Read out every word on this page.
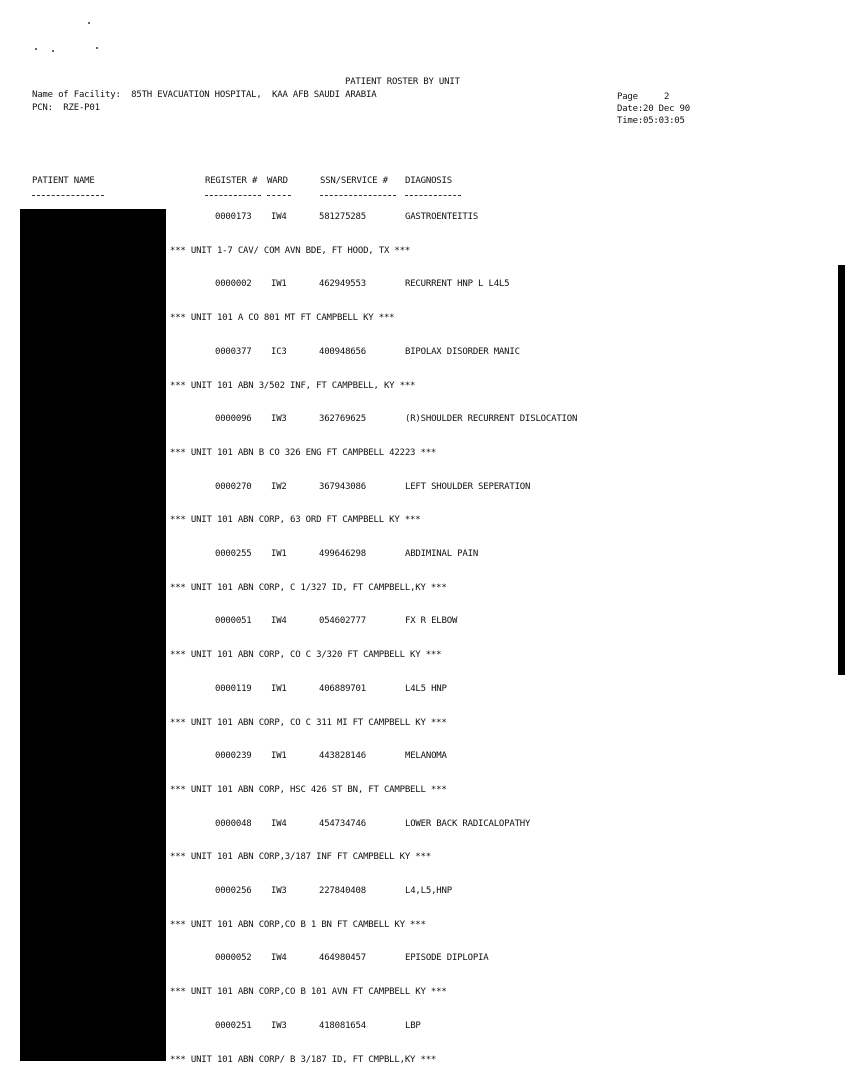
PATIENT ROSTER BY UNIT
Name of Facility:  85TH EVACUATION HOSPITAL,  KAA AFB SAUDI ARABIA
PCN:  RZE-P01
Page	2
Date: 20 Dec 90
Time: 05:03:05
PATIENT NAME	REGISTER # WARD	SSN/SERVICE # DIAGNOSIS
0000173 IW4	581275285	GASTROENTEITIS
*** UNIT 1-7 CAV/ COM AVN BDE, FT HOOD, TX ***
0000002 IW1	462949553	RECURRENT HNP L L4L5
*** UNIT 101 A CO 801 MT FT CAMPBELL KY ***
0000377 IC3	400948656	BIPOLAX DISORDER MANIC
*** UNIT 101 ABN 3/502 INF, FT CAMPBELL, KY ***
0000096 IW3	362769625	(R)SHOULDER RECURRENT DISLOCATION
*** UNIT 101 ABN B CO 326 ENG FT CAMPBELL 42223 ***
0000270 IW2	367943086	LEFT SHOULDER SEPERATION
*** UNIT 101 ABN CORP, 63 ORD FT CAMPBELL KY ***
0000255 IW1	499646298	ABDIMINAL PAIN
*** UNIT 101 ABN CORP, C 1/327 ID, FT CAMPBELL,KY ***
0000051 IW4	054602777	FX R ELBOW
*** UNIT 101 ABN CORP, CO C 3/320 FT CAMPBELL KY ***
0000119 IW1	406889701	L4L5 HNP
*** UNIT 101 ABN CORP, CO C 311 MI FT CAMPBELL KY ***
0000239 IW1	443828146	MELANOMA
*** UNIT 101 ABN CORP, HSC 426 ST BN, FT CAMPBELL ***
0000048 IW4	454734746	LOWER BACK RADICALOPATHY
*** UNIT 101 ABN CORP,3/187 INF FT CAMPBELL KY ***
0000256 IW3	227840408	L4,L5,HNP
*** UNIT 101 ABN CORP,CO B 1 BN FT CAMBELL KY ***
0000052 IW4	464980457	EPISODE DIPLOPIA
*** UNIT 101 ABN CORP,CO B 101 AVN FT CAMPBELL KY ***
0000251 IW3	418081654	LBP
*** UNIT 101 ABN CORP/ B 3/187 ID, FT CMPBLL,KY ***
